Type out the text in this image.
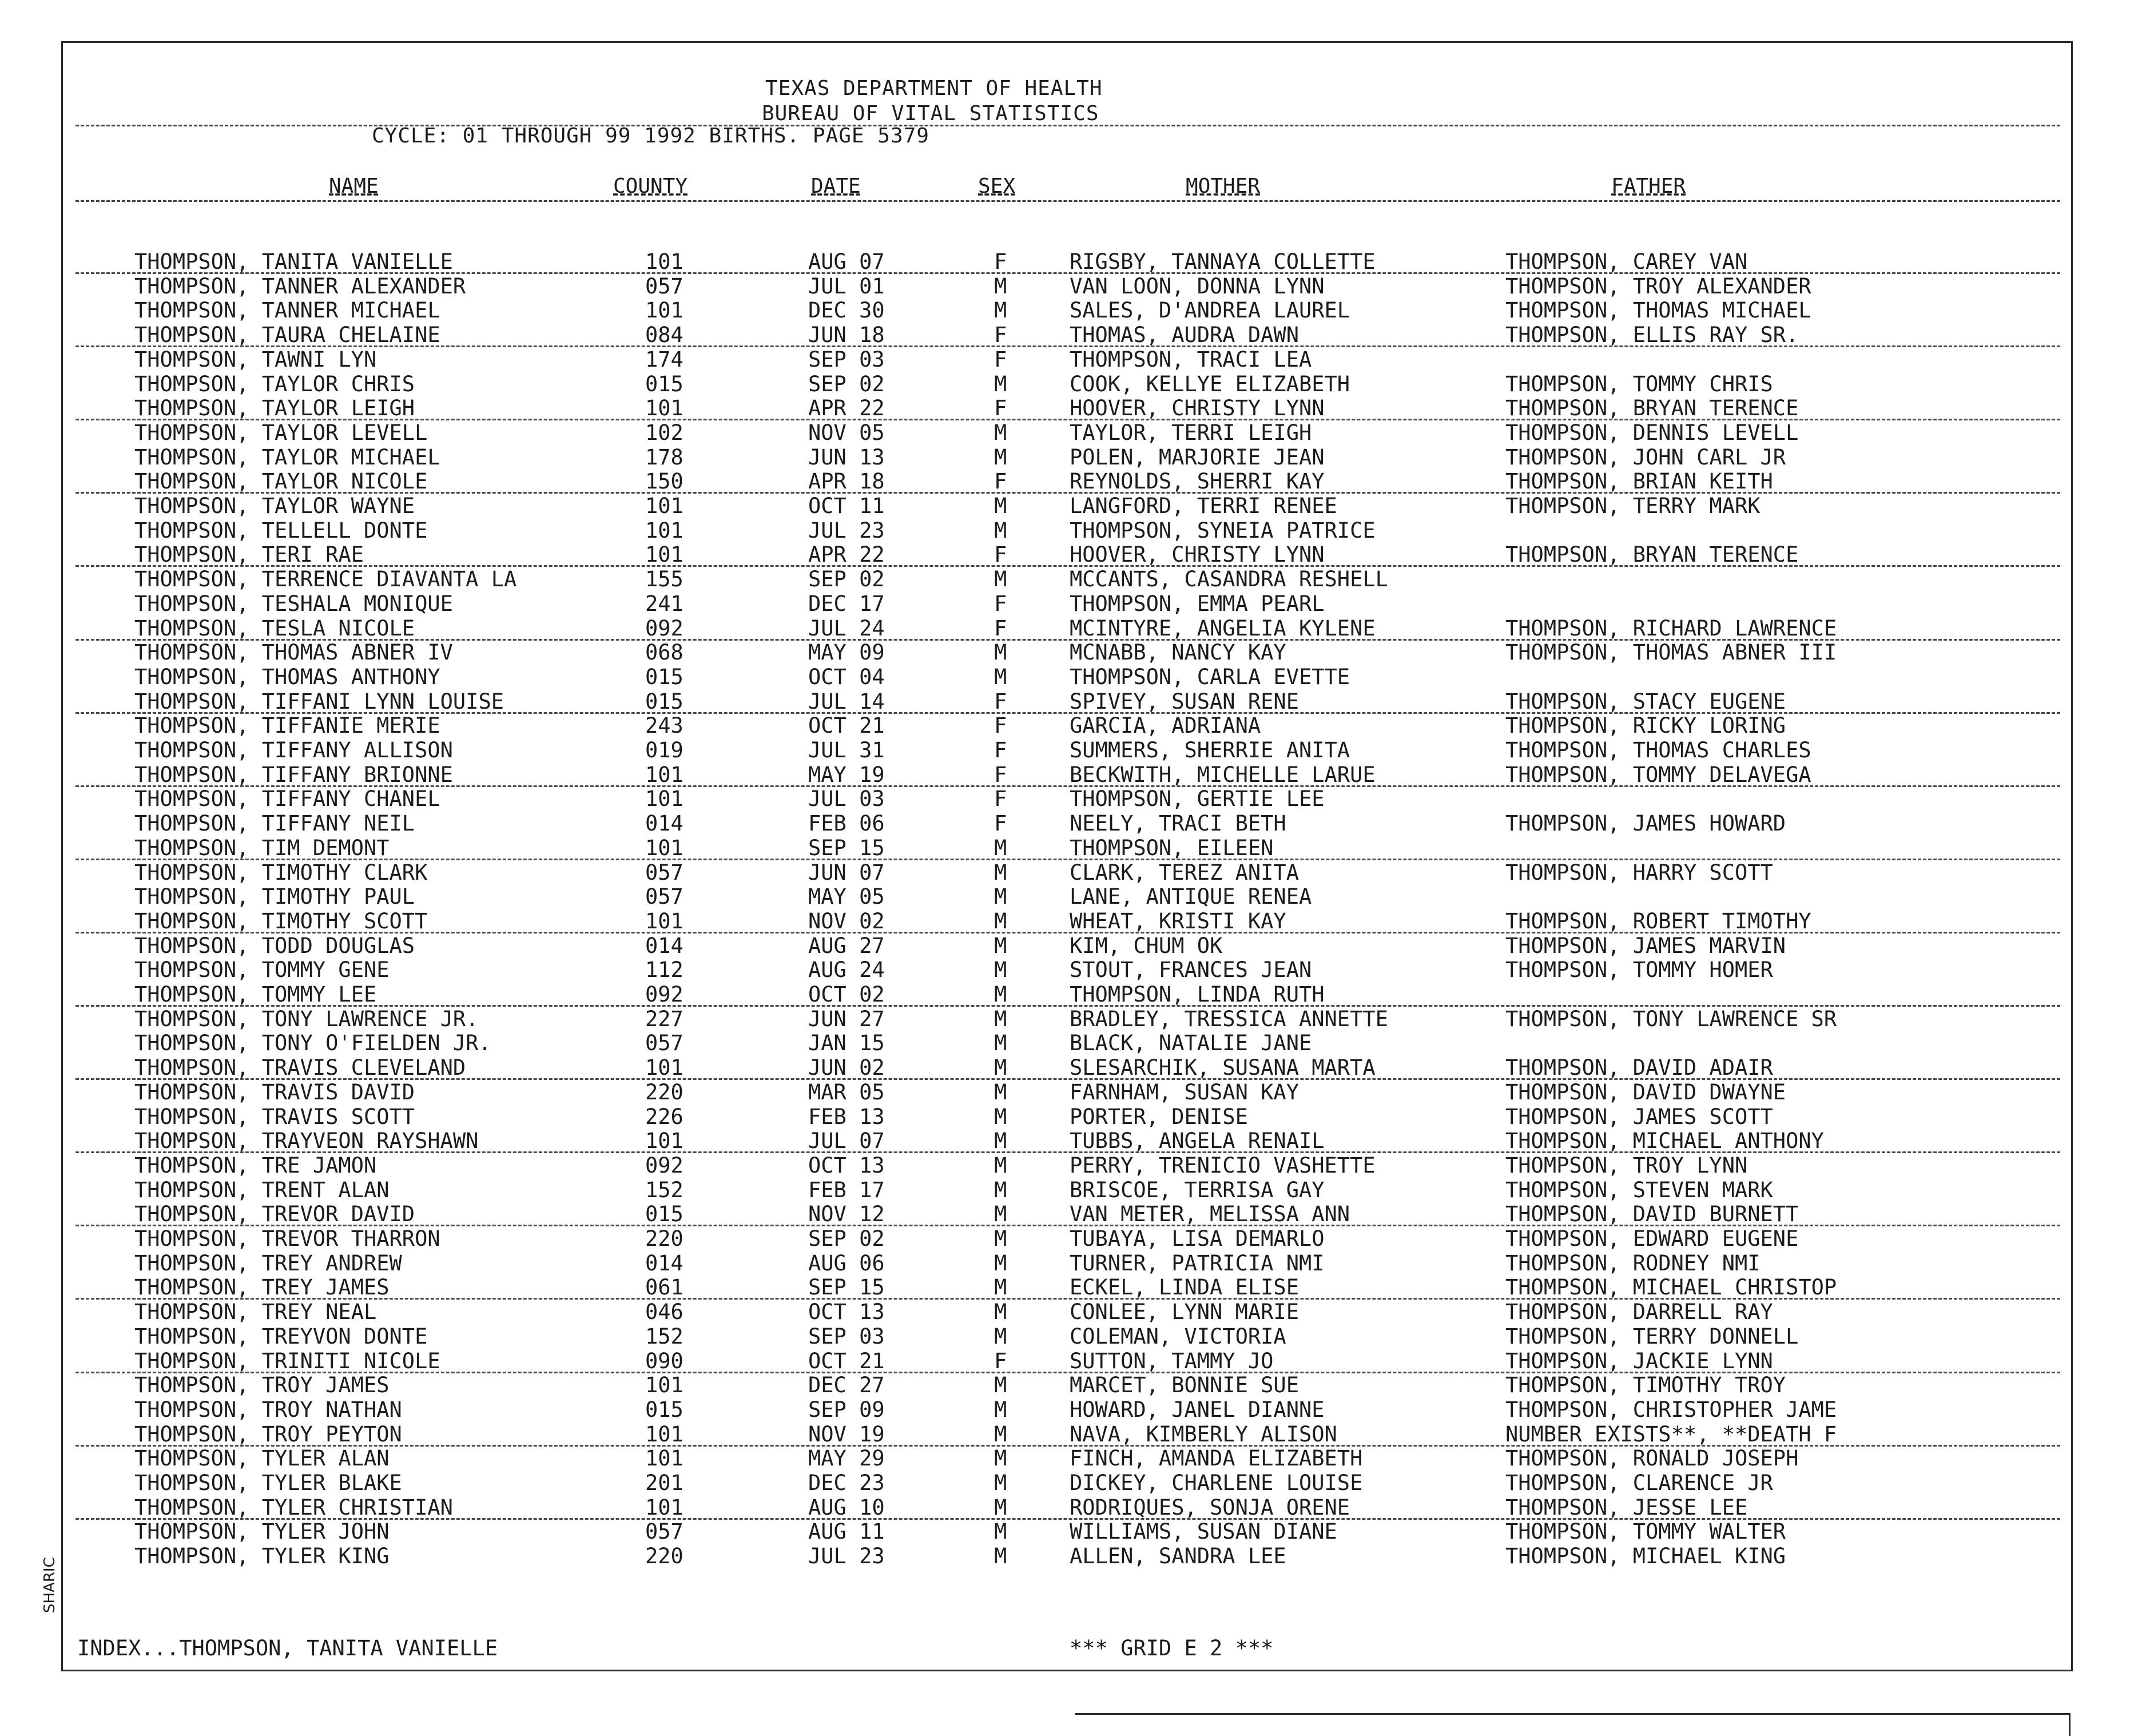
TEXAS DEPARTMENT OF HEALTH
BUREAU OF VITAL STATISTICS
CYCLE: 01 THROUGH 99 1992 BIRTHS. PAGE 5379
NAME	COUNTY	DATE	SEX	MOTHER	FATHER
THOMPSON, TANITA VANIELLE	101	AUG 07	F	RIGSBY, TANNAYA COLLETTE	THOMPSON, CAREY VAN
THOMPSON, TANNER ALEXANDER	057	JUL 01	M	VAN LOON, DONNA LYNN	THOMPSON, TROY ALEXANDER
THOMPSON, TANNER MICHAEL	101	DEC 30	M	SALES, D'ANDREA LAUREL	THOMPSON, THOMAS MICHAEL
THOMPSON, TAURA CHELAINE	084	JUN 18	F	THOMAS, AUDRA DAWN	THOMPSON, ELLIS RAY SR.
THOMPSON, TAWNI LYN	174	SEP 03	F	THOMPSON, TRACI LEA
THOMPSON, TAYLOR CHRIS	015	SEP 02	M	COOK, KELLYE ELIZABETH	THOMPSON, TOMMY CHRIS
THOMPSON, TAYLOR LEIGH	101	APR 22	F	HOOVER, CHRISTY LYNN	THOMPSON, BRYAN TERENCE
THOMPSON, TAYLOR LEVELL	102	NOV 05	M	TAYLOR, TERRI LEIGH	THOMPSON, DENNIS LEVELL
THOMPSON, TAYLOR MICHAEL	178	JUN 13	M	POLEN, MARJORIE JEAN	THOMPSON, JOHN CARL JR
THOMPSON, TAYLOR NICOLE	150	APR 18	F	REYNOLDS, SHERRI KAY	THOMPSON, BRIAN KEITH
THOMPSON, TAYLOR WAYNE	101	OCT 11	M	LANGFORD, TERRI RENEE	THOMPSON, TERRY MARK
THOMPSON, TELLELL DONTE	101	JUL 23	M	THOMPSON, SYNEIA PATRICE
THOMPSON, TERI RAE	101	APR 22	F	HOOVER, CHRISTY LYNN	THOMPSON, BRYAN TERENCE
THOMPSON, TERRENCE DIAVANTA LA	155	SEP 02	M	MCCANTS, CASANDRA RESHELL
THOMPSON, TESHALA MONIQUE	241	DEC 17	F	THOMPSON, EMMA PEARL
THOMPSON, TESLA NICOLE	092	JUL 24	F	MCINTYRE, ANGELIA KYLENE	THOMPSON, RICHARD LAWRENCE
THOMPSON, THOMAS ABNER IV	068	MAY 09	M	MCNABB, NANCY KAY	THOMPSON, THOMAS ABNER III
THOMPSON, THOMAS ANTHONY	015	OCT 04	M	THOMPSON, CARLA EVETTE
THOMPSON, TIFFANI LYNN LOUISE	015	JUL 14	F	SPIVEY, SUSAN RENE	THOMPSON, STACY EUGENE
THOMPSON, TIFFANIE MERIE	243	OCT 21	F	GARCIA, ADRIANA	THOMPSON, RICKY LORING
THOMPSON, TIFFANY ALLISON	019	JUL 31	F	SUMMERS, SHERRIE ANITA	THOMPSON, THOMAS CHARLES
THOMPSON, TIFFANY BRIONNE	101	MAY 19	F	BECKWITH, MICHELLE LARUE	THOMPSON, TOMMY DELAVEGA
THOMPSON, TIFFANY CHANEL	101	JUL 03	F	THOMPSON, GERTIE LEE
THOMPSON, TIFFANY NEIL	014	FEB 06	F	NEELY, TRACI BETH	THOMPSON, JAMES HOWARD
THOMPSON, TIM DEMONT	101	SEP 15	M	THOMPSON, EILEEN
THOMPSON, TIMOTHY CLARK	057	JUN 07	M	CLARK, TEREZ ANITA	THOMPSON, HARRY SCOTT
THOMPSON, TIMOTHY PAUL	057	MAY 05	M	LANE, ANTIQUE RENEA
THOMPSON, TIMOTHY SCOTT	101	NOV 02	M	WHEAT, KRISTI KAY	THOMPSON, ROBERT TIMOTHY
THOMPSON, TODD DOUGLAS	014	AUG 27	M	KIM, CHUM OK	THOMPSON, JAMES MARVIN
THOMPSON, TOMMY GENE	112	AUG 24	M	STOUT, FRANCES JEAN	THOMPSON, TOMMY HOMER
THOMPSON, TOMMY LEE	092	OCT 02	M	THOMPSON, LINDA RUTH
THOMPSON, TONY LAWRENCE JR.	227	JUN 27	M	BRADLEY, TRESSICA ANNETTE	THOMPSON, TONY LAWRENCE SR
THOMPSON, TONY O'FIELDEN JR.	057	JAN 15	M	BLACK, NATALIE JANE
THOMPSON, TRAVIS CLEVELAND	101	JUN 02	M	SLESARCHIK, SUSANA MARTA	THOMPSON, DAVID ADAIR
THOMPSON, TRAVIS DAVID	220	MAR 05	M	FARNHAM, SUSAN KAY	THOMPSON, DAVID DWAYNE
THOMPSON, TRAVIS SCOTT	226	FEB 13	M	PORTER, DENISE	THOMPSON, JAMES SCOTT
THOMPSON, TRAYVEON RAYSHAWN	101	JUL 07	M	TUBBS, ANGELA RENAIL	THOMPSON, MICHAEL ANTHONY
THOMPSON, TRE JAMON	092	OCT 13	M	PERRY, TRENICIO VASHETTE	THOMPSON, TROY LYNN
THOMPSON, TRENT ALAN	152	FEB 17	M	BRISCOE, TERRISA GAY	THOMPSON, STEVEN MARK
THOMPSON, TREVOR DAVID	015	NOV 12	M	VAN METER, MELISSA ANN	THOMPSON, DAVID BURNETT
THOMPSON, TREVOR THARRON	220	SEP 02	M	TUBAYA, LISA DEMARLO	THOMPSON, EDWARD EUGENE
THOMPSON, TREY ANDREW	014	AUG 06	M	TURNER, PATRICIA NMI	THOMPSON, RODNEY NMI
THOMPSON, TREY JAMES	061	SEP 15	M	ECKEL, LINDA ELISE	THOMPSON, MICHAEL CHRISTOP
THOMPSON, TREY NEAL	046	OCT 13	M	CONLEE, LYNN MARIE	THOMPSON, DARRELL RAY
THOMPSON, TREYVON DONTE	152	SEP 03	M	COLEMAN, VICTORIA	THOMPSON, TERRY DONNELL
THOMPSON, TRINITI NICOLE	090	OCT 21	F	SUTTON, TAMMY JO	THOMPSON, JACKIE LYNN
THOMPSON, TROY JAMES	101	DEC 27	M	MARCET, BONNIE SUE	THOMPSON, TIMOTHY TROY
THOMPSON, TROY NATHAN	015	SEP 09	M	HOWARD, JANEL DIANNE	THOMPSON, CHRISTOPHER JAME
THOMPSON, TROY PEYTON	101	NOV 19	M	NAVA, KIMBERLY ALISON	NUMBER EXISTS**, **DEATH F
THOMPSON, TYLER ALAN	101	MAY 29	M	FINCH, AMANDA ELIZABETH	THOMPSON, RONALD JOSEPH
THOMPSON, TYLER BLAKE	201	DEC 23	M	DICKEY, CHARLENE LOUISE	THOMPSON, CLARENCE JR
THOMPSON, TYLER CHRISTIAN	101	AUG 10	M	RODRIQUES, SONJA ORENE	THOMPSON, JESSE LEE
THOMPSON, TYLER JOHN	057	AUG 11	M	WILLIAMS, SUSAN DIANE	THOMPSON, TOMMY WALTER
THOMPSON, TYLER KING	220	JUL 23	M	ALLEN, SANDRA LEE	THOMPSON, MICHAEL KING
INDEX...THOMPSON, TANITA VANIELLE	*** GRID E 2 ***
SHARIC
